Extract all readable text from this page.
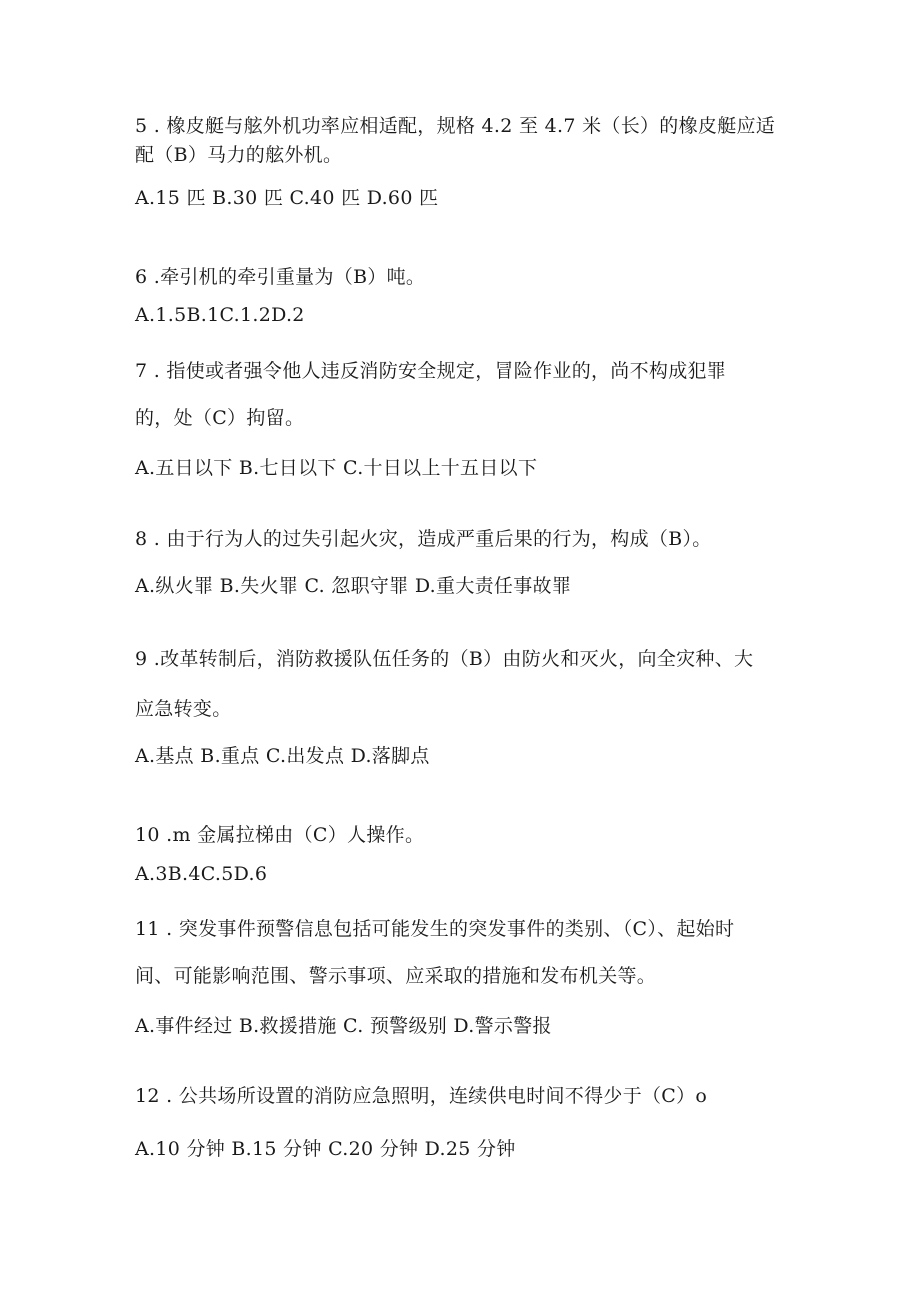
5 . 橡皮艇与舷外机功率应相适配，规格 4.2 至 4.7 米（长）的橡皮艇应适
配（B）马力的舷外机。
A.15 匹 B.30 匹 C.40 匹 D.60 匹
6 .牵引机的牵引重量为（B）吨。
A.1.5B.1C.1.2D.2
7 . 指使或者强令他人违反消防安全规定，冒险作业的，尚不构成犯罪
的，处（C）拘留。
A.五日以下 B.七日以下 C.十日以上十五日以下
8 . 由于行为人的过失引起火灾，造成严重后果的行为，构成（B）。
A.纵火罪 B.失火罪 C. 忽职守罪 D.重大责任事故罪
9 .改革转制后，消防救援队伍任务的（B）由防火和灭火，向全灾种、大
应急转变。
A.基点 B.重点 C.出发点 D.落脚点
10 .m 金属拉梯由（C）人操作。
A.3B.4C.5D.6
11 . 突发事件预警信息包括可能发生的突发事件的类别、（C）、起始时
间、可能影响范围、警示事项、应采取的措施和发布机关等。
A.事件经过 B.救援措施 C. 预警级别 D.警示警报
12 . 公共场所设置的消防应急照明，连续供电时间不得少于（C）o
A.10 分钟 B.15 分钟 C.20 分钟 D.25 分钟
